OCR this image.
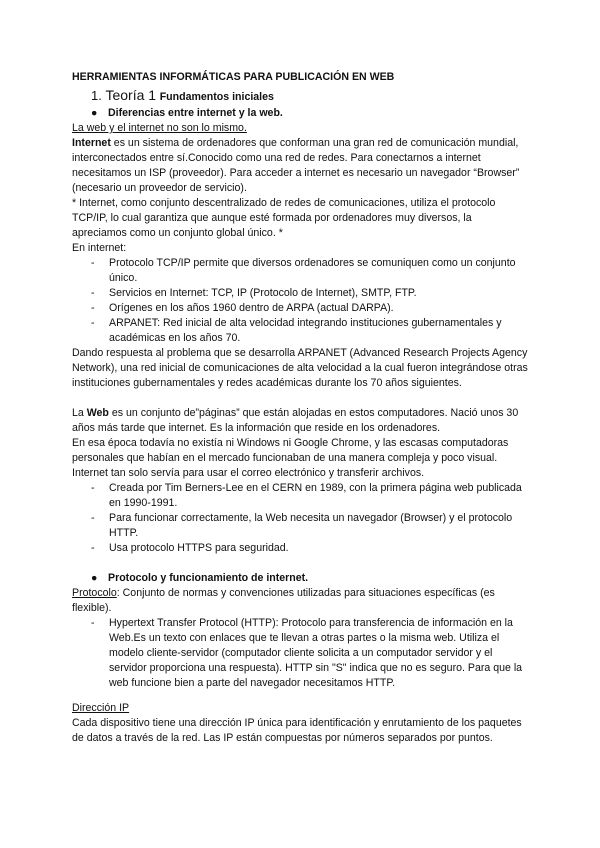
HERRAMIENTAS INFORMÁTICAS PARA PUBLICACIÓN EN WEB

1. Teoría 1 Fundamentos iniciales
● Diferencias entre internet y la web.

La web y el internet no son lo mismo.

Internet es un sistema de ordenadores que conforman una gran red de comunicación mundial, interconectados entre sí.Conocido como una red de redes. Para conectarnos a internet necesitamos un ISP (proveedor). Para acceder a internet es necesario un navegador “Browser” (necesario un proveedor de servicio).

* Internet, como conjunto descentralizado de redes de comunicaciones, utiliza el protocolo TCP/IP, lo cual garantiza que aunque esté formada por ordenadores muy diversos, la apreciamos como un conjunto global único. *

En internet:

- Protocolo TCP/IP permite que diversos ordenadores se comuniquen como un conjunto único.
- Servicios en Internet: TCP, IP (Protocolo de Internet), SMTP, FTP.
- Orígenes en los años 1960 dentro de ARPA (actual DARPA).
- ARPANET: Red inicial de alta velocidad integrando instituciones gubernamentales y académicas en los años 70.

Dando respuesta al problema que se desarrolla ARPANET (Advanced Research Projects Agency Network), una red inicial de comunicaciones de alta velocidad a la cual fueron integrándose otras instituciones gubernamentales y redes académicas durante los 70 años siguientes.

La Web es un conjunto de”páginas” que están alojadas en estos computadores. Nació unos 30 años más tarde que internet. Es la información que reside en los ordenadores.

En esa época todavía no existía ni Windows ni Google Chrome, y las escasas computadoras personales que habían en el mercado funcionaban de una manera compleja y poco visual. Internet tan solo servía para usar el correo electrónico y transferir archivos.

- Creada por Tim Berners-Lee en el CERN en 1989, con la primera página web publicada en 1990-1991.
- Para funcionar correctamente, la Web necesita un navegador (Browser) y el protocolo HTTP.
- Usa protocolo HTTPS para seguridad.
● Protocolo y funcionamiento de internet.

Protocolo: Conjunto de normas y convenciones utilizadas para situaciones específicas (es flexible).

- Hypertext Transfer Protocol (HTTP): Protocolo para transferencia de información en la Web.Es un texto con enlaces que te llevan a otras partes o la misma web. Utiliza el modelo cliente-servidor (computador cliente solicita a un computador servidor y el servidor proporciona una respuesta). HTTP sin "S" indica que no es seguro. Para que la web funcione bien a parte del navegador necesitamos HTTP.

Dirección IP

Cada dispositivo tiene una dirección IP única para identificación y enrutamiento de los paquetes de datos a través de la red. Las IP están compuestas por números separados por puntos.
